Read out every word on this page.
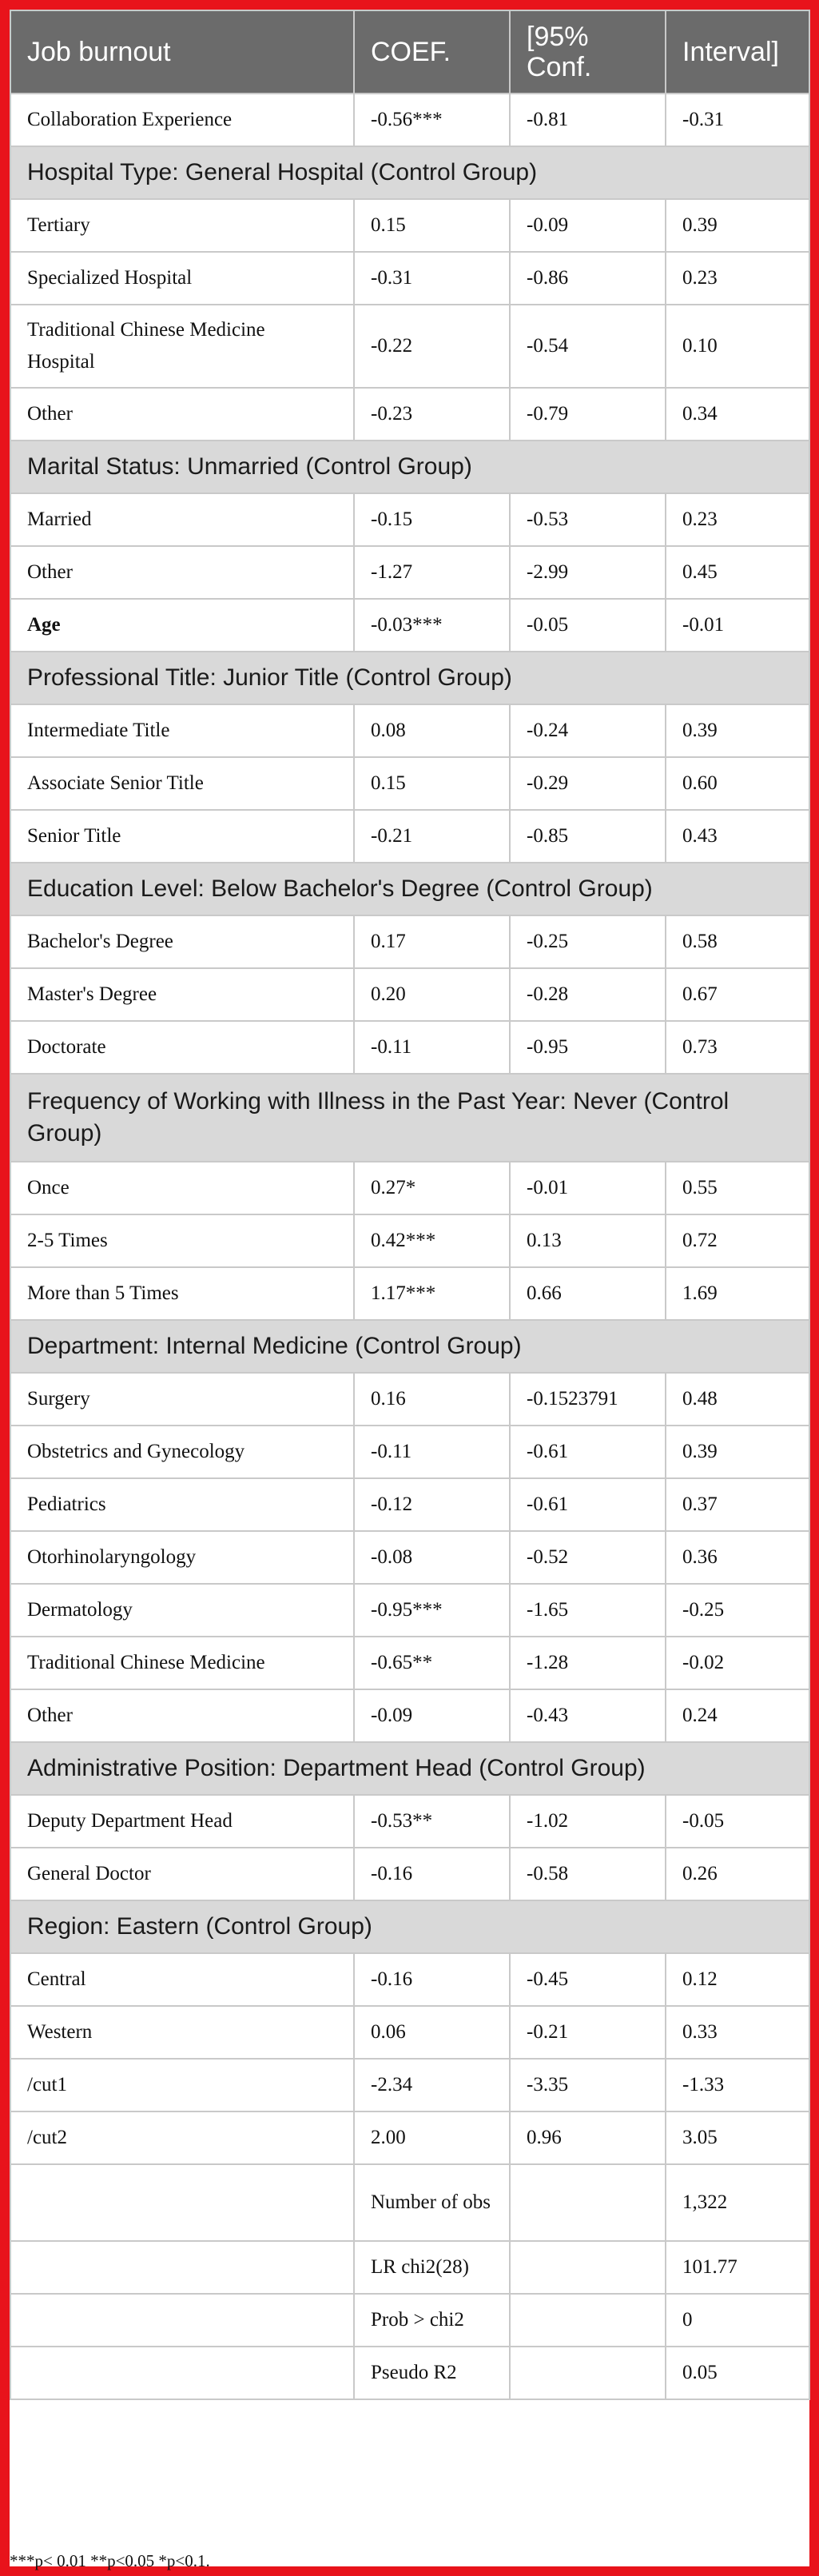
Job burnout	COEF.	[95% Conf.	Interval]
Collaboration Experience	-0.56***	-0.81	-0.31
Hospital Type: General Hospital (Control Group)			
Tertiary	0.15	-0.09	0.39
Specialized Hospital	-0.31	-0.86	0.23
Traditional Chinese Medicine Hospital	-0.22	-0.54	0.10
Other	-0.23	-0.79	0.34
Marital Status: Unmarried (Control Group)			
Married	-0.15	-0.53	0.23
Other	-1.27	-2.99	0.45
Age	-0.03***	-0.05	-0.01
Professional Title: Junior Title (Control Group)			
Intermediate Title	0.08	-0.24	0.39
Associate Senior Title	0.15	-0.29	0.60
Senior Title	-0.21	-0.85	0.43
Education Level: Below Bachelor's Degree (Control Group)			
Bachelor's Degree	0.17	-0.25	0.58
Master's Degree	0.20	-0.28	0.67
Doctorate	-0.11	-0.95	0.73
Frequency of Working with Illness in the Past Year: Never (Control Group)			
Once	0.27*	-0.01	0.55
2-5 Times	0.42***	0.13	0.72
More than 5 Times	1.17***	0.66	1.69
Department: Internal Medicine (Control Group)			
Surgery	0.16	-0.1523791	0.48
Obstetrics and Gynecology	-0.11	-0.61	0.39
Pediatrics	-0.12	-0.61	0.37
Otorhinolaryngology	-0.08	-0.52	0.36
Dermatology	-0.95***	-1.65	-0.25
Traditional Chinese Medicine	-0.65**	-1.28	-0.02
Other	-0.09	-0.43	0.24
Administrative Position: Department Head (Control Group)			
Deputy Department Head	-0.53**	-1.02	-0.05
General Doctor	-0.16	-0.58	0.26
Region: Eastern (Control Group)			
Central	-0.16	-0.45	0.12
Western	0.06	-0.21	0.33
/cut1	-2.34	-3.35	-1.33
/cut2	2.00	0.96	3.05
	Number of obs		1,322
	LR chi2(28)		101.77
	Prob > chi2		0
	Pseudo R2		0.05
***p< 0.01 **p<0.05 *p<0.1.
